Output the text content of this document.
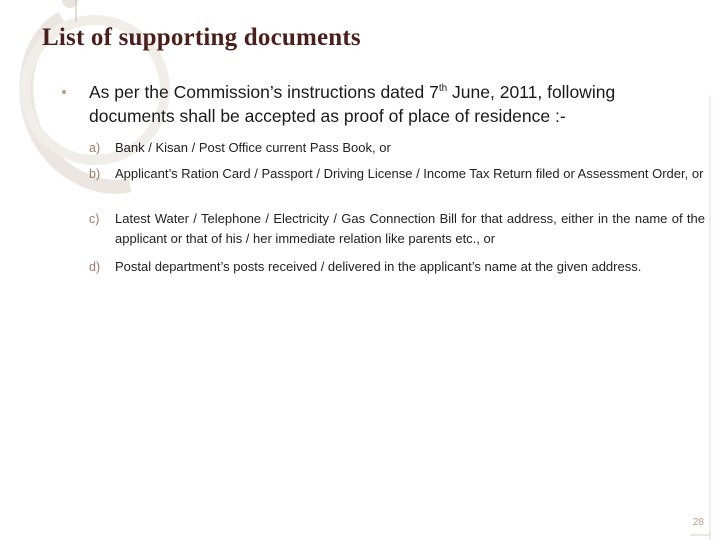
List of supporting documents
As per the Commission’s instructions dated 7th June, 2011, following documents shall be accepted as proof of place of residence :-
a) Bank / Kisan / Post Office current Pass Book, or
b) Applicant’s Ration Card / Passport / Driving License / Income Tax Return filed or Assessment Order, or
c) Latest Water / Telephone / Electricity / Gas Connection Bill for that address, either in the name of the applicant or that of his / her immediate relation like parents etc., or
d) Postal department’s posts received / delivered in the applicant’s name at the given address.
28
